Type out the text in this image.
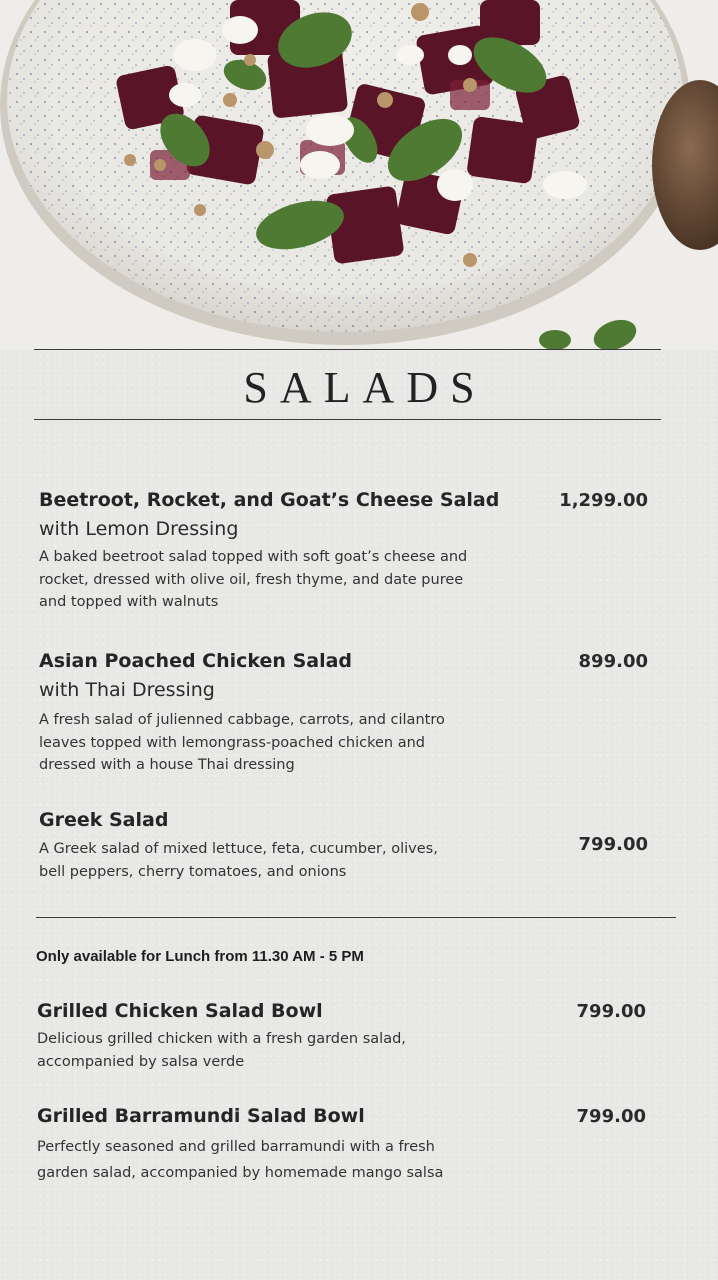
SALADS
Beetroot, Rocket, and Goat’s Cheese Salad	1,299.00
with Lemon Dressing
A baked beetroot salad topped with soft goat’s cheese and rocket, dressed with olive oil, fresh thyme, and date puree and topped with walnuts
Asian Poached Chicken Salad	899.00
with Thai Dressing
A fresh salad of julienned cabbage, carrots, and cilantro leaves topped with lemongrass-poached chicken and dressed with a house Thai dressing
Greek Salad
799.00
A Greek salad of mixed lettuce, feta, cucumber, olives, bell peppers, cherry tomatoes, and onions
Only available for Lunch from 11.30 AM - 5 PM
Grilled Chicken Salad Bowl	799.00
Delicious grilled chicken with a fresh garden salad, accompanied by salsa verde
Grilled Barramundi Salad Bowl	799.00
Perfectly seasoned and grilled barramundi with a fresh garden salad, accompanied by homemade mango salsa
